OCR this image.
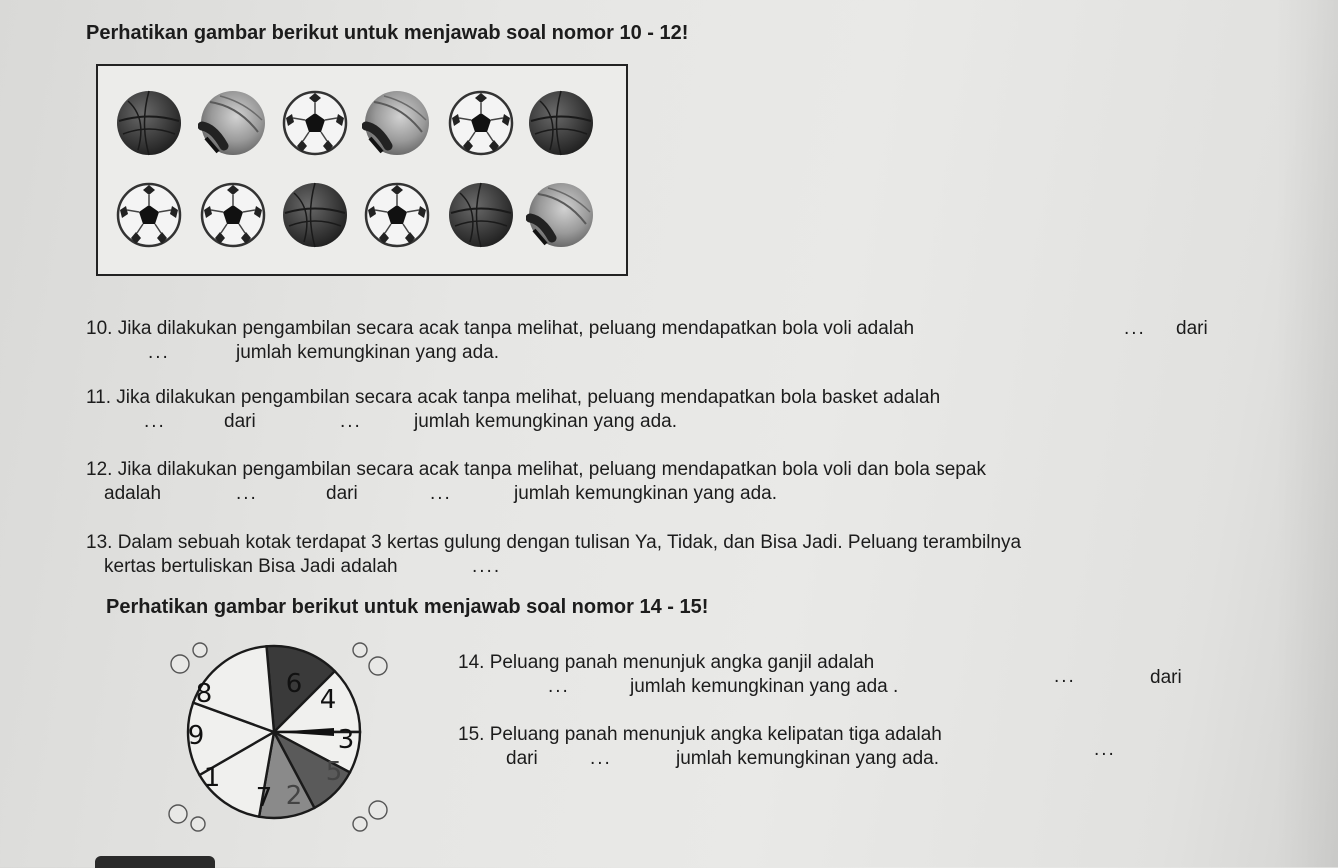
Perhatikan gambar berikut untuk menjawab soal nomor 10 - 12!
10. Jika dilakukan pengambilan secara acak tanpa melihat, peluang mendapatkan bola voli adalah	... dari
...	jumlah kemungkinan yang ada.
11. Jika dilakukan pengambilan secara acak tanpa melihat, peluang mendapatkan bola basket adalah
...	dari	...	jumlah kemungkinan yang ada.
12. Jika dilakukan pengambilan secara acak tanpa melihat, peluang mendapatkan bola voli dan bola sepak
adalah	...	dari	...	jumlah kemungkinan yang ada.
13. Dalam sebuah kotak terdapat 3 kertas gulung dengan tulisan Ya, Tidak, dan Bisa Jadi. Peluang terambilnya
kertas bertuliskan Bisa Jadi adalah	....
Perhatikan gambar berikut untuk menjawab soal nomor 14 - 15!
6
4
3
5
2
7
1
9
8
14. Peluang panah menunjuk angka ganjil adalah
...	dari
...	jumlah kemungkinan yang ada .
15. Peluang panah menunjuk angka kelipatan tiga adalah
...
dari	...	jumlah kemungkinan yang ada.
